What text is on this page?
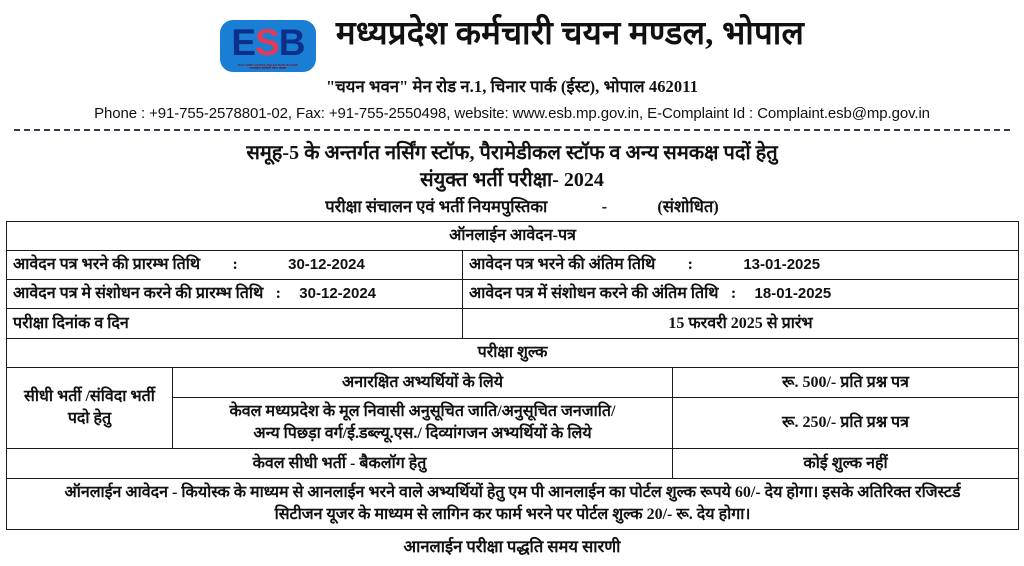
ESB
M.P. EMPLOYEES SELECTION BOARD
मध्यप्रदेश कर्मचारी चयन मण्डल
मध्यप्रदेश कर्मचारी चयन मण्डल, भोपाल
"चयन भवन" मेन रोड न.1, चिनार पार्क (ईस्ट), भोपाल 462011
Phone : +91-755-2578801-02, Fax: +91-755-2550498, website: www.esb.mp.gov.in, E-Complaint Id : Complaint.esb@mp.gov.in
समूह-5 के अन्तर्गत नर्सिंग स्टॉफ, पैरामेडीकल स्टॉफ व अन्य समकक्ष पदों हेतु
संयुक्त भर्ती परीक्षा- 2024
परीक्षा संचालन एवं भर्ती नियमपुस्तिका	-	(संशोधित)
ऑनलाईन आवेदन-पत्र			

आवेदन पत्र भरने की प्रारम्भ तिथि : 30-12-2024		आवेदन पत्र भरने की अंतिम तिथि : 13-01-2025	

आवेदन पत्र मे संशोधन करने की प्रारम्भ तिथि : 30-12-2024		आवेदन पत्र में संशोधन करने की अंतिम तिथि : 18-01-2025	

परीक्षा दिनांक व दिन		15 फरवरी 2025 से प्रारंभ	
परीक्षा शुल्क			
सीधी भर्ती /संविदा भर्ती पदो हेतु	अनारक्षित अभ्यर्थियों के लिये		रू. 500/- प्रति प्रश्न पत्र

	केवल मध्यप्रदेश के मूल निवासी अनुसूचित जाति/अनुसूचित जनजाति/
अन्य पिछड़ा वर्ग/ई.डब्ल्यू.एस./ दिव्यांगजन अभ्यर्थियों के लिये		रू. 250/- प्रति प्रश्न पत्र
केवल सीधी भर्ती - बैकलॉग हेतु			कोई शुल्क नहीं

ऑनलाईन आवेदन - कियोस्क के माध्यम से आनलाईन भरने वाले अभ्यर्थियों हेतु एम पी आनलाईन का पोर्टल शुल्क रूपये 60/- देय होगा। इसके अतिरिक्त रजिस्टर्ड
सिटीजन यूजर के माध्यम से लागिन कर फार्म भरने पर पोर्टल शुल्क 20/- रू. देय होगा।			
आनलाईन परीक्षा पद्धति समय सारणी
